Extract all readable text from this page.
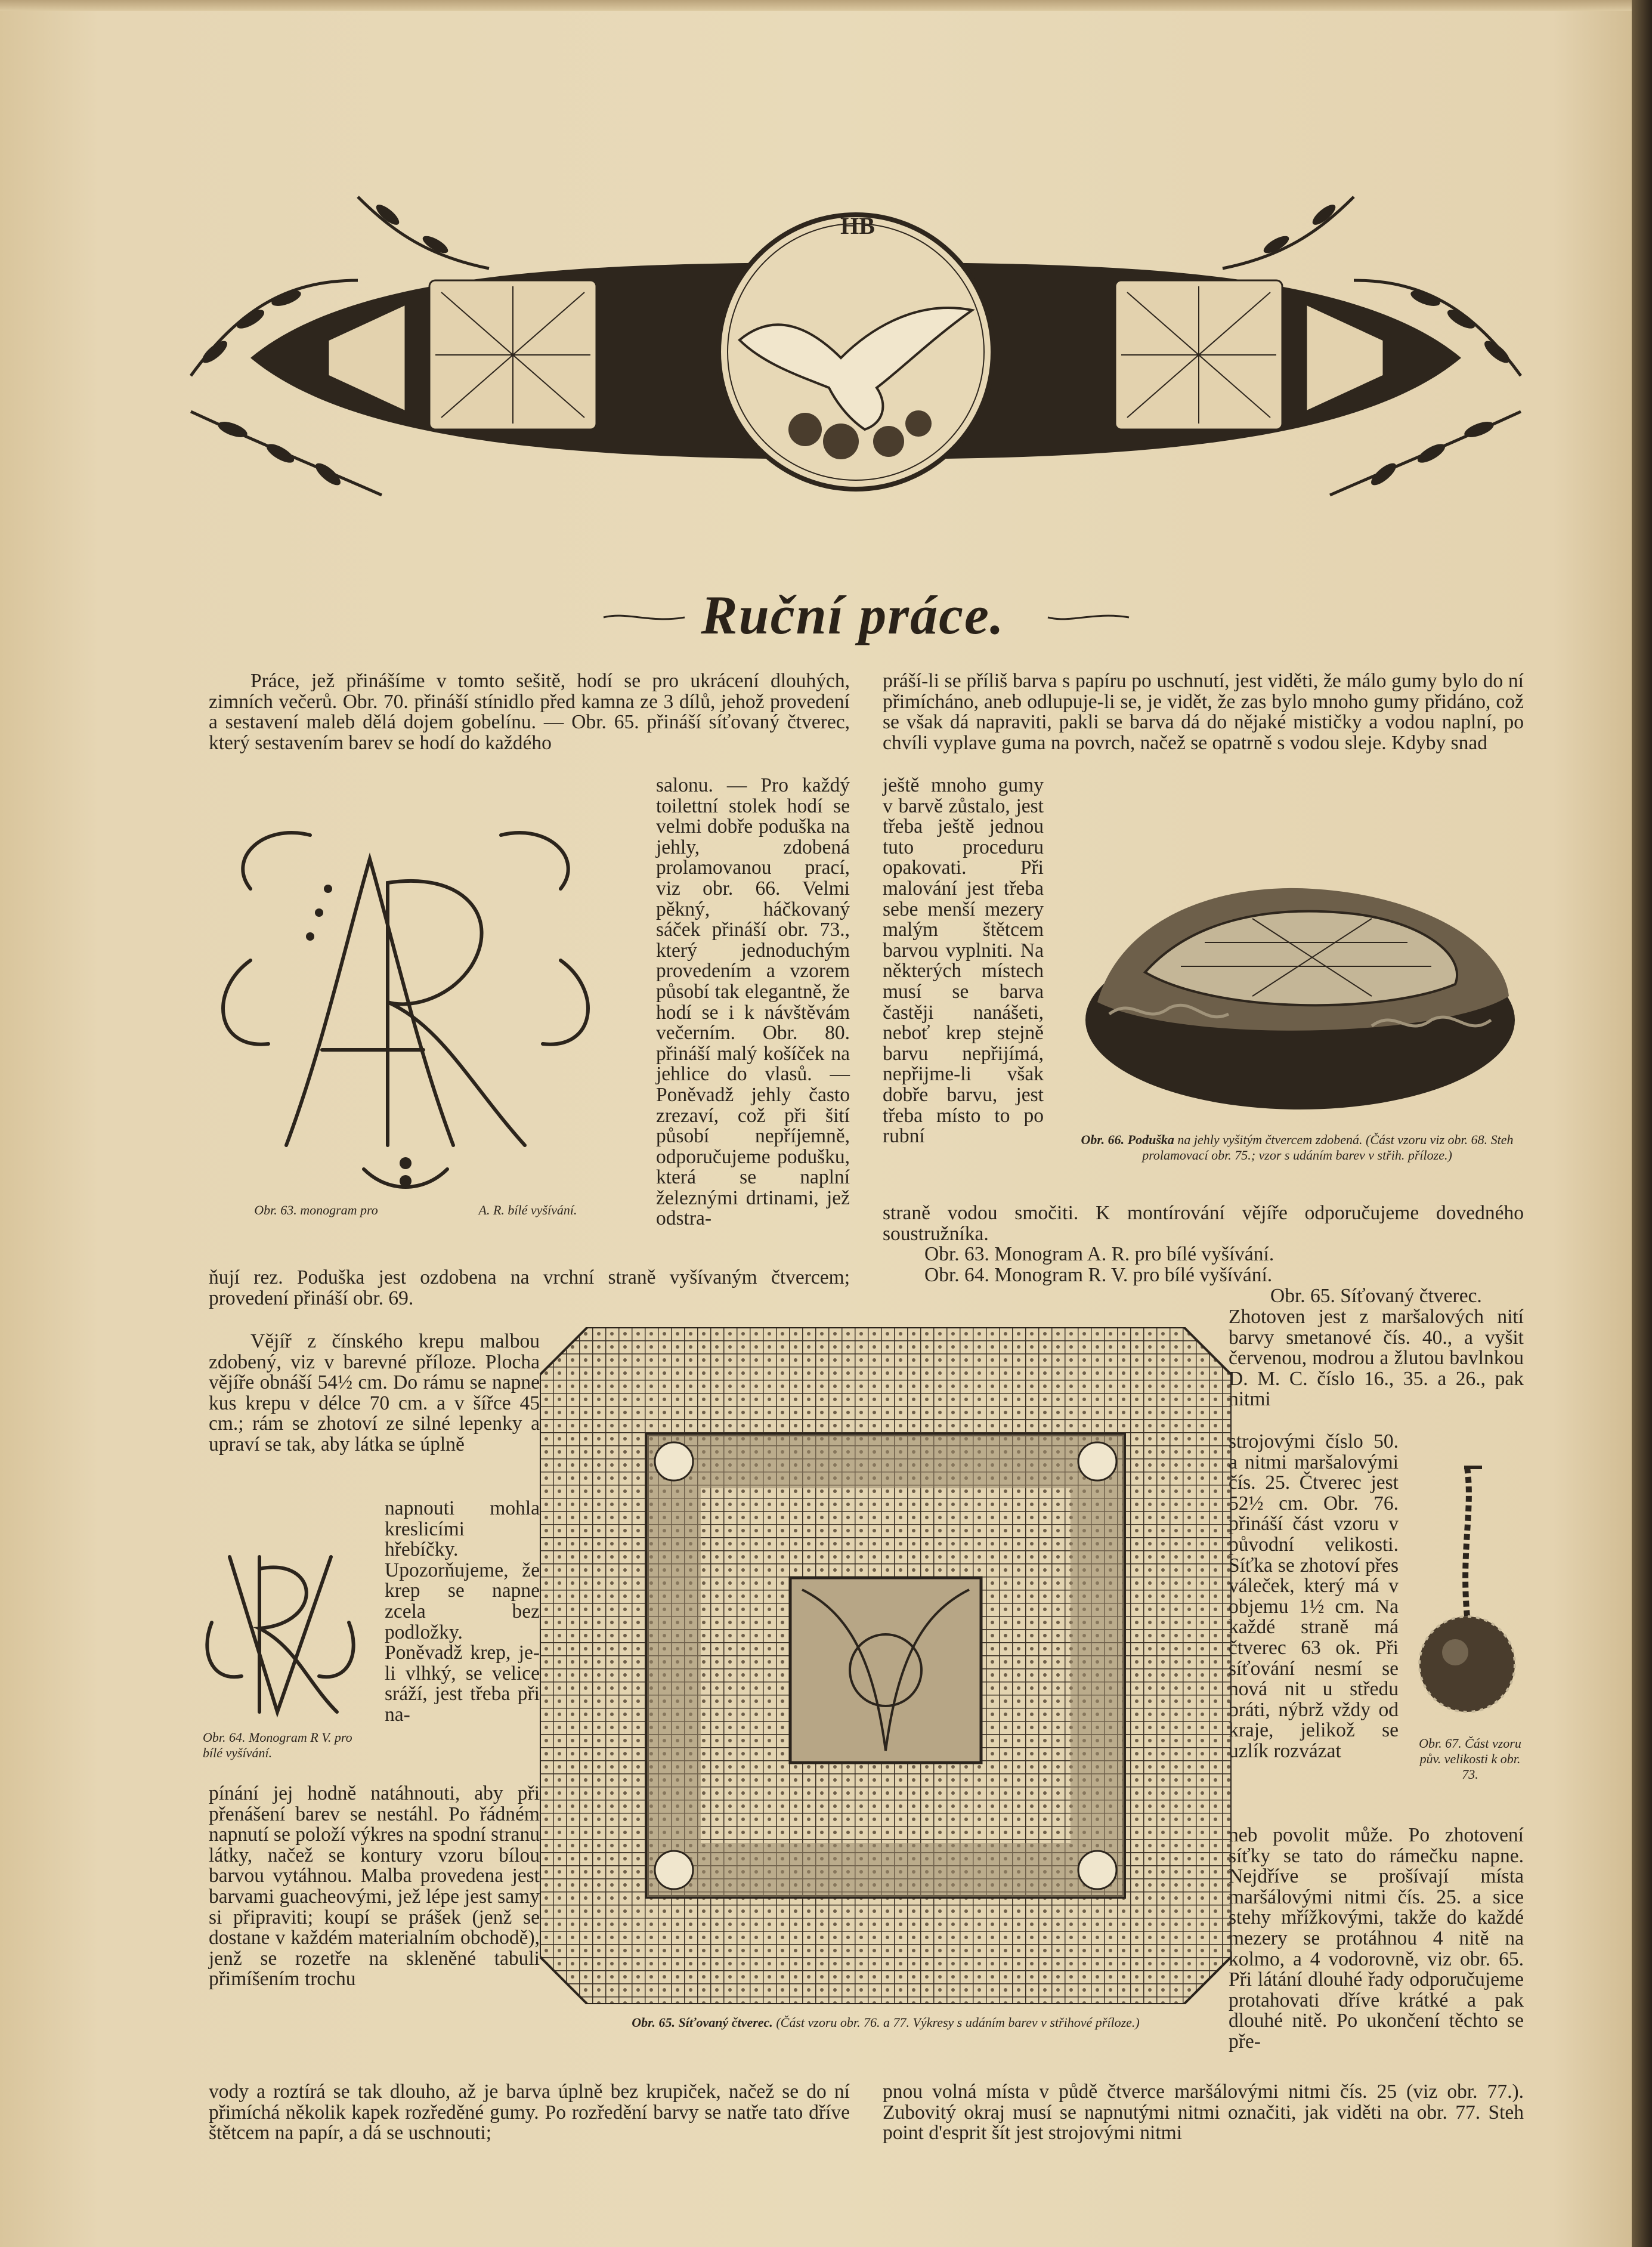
HB
Ruční práce.

Práce, jež přinášíme v tomto sešitě, hodí se pro ukrácení dlouhých, zimních večerů. Obr. 70. přináší stínidlo před kamna ze 3 dílů, jehož provedení a sestavení maleb dělá dojem gobelínu. — Obr. 65. přináší síťovaný čtverec, který sestavením barev se hodí do každého

salonu. — Pro každý toilettní stolek hodí se velmi dobře poduška na jehly, zdobená prolamovanou prací, viz obr. 66. Velmi pěkný, háčkovaný sáček přináší obr. 73., který jednoduchým provedením a vzorem působí tak elegantně, že hodí se i k návštěvám večerním. Obr. 80. přináší malý košíček na jehlice do vlasů. — Poněvadž jehly často zrezaví, což při šití působí nepříjemně, odporučujeme podušku, která se naplní železnými drtinami, jež odstra-

ňují rez. Poduška jest ozdobena na vrchní straně vyšívaným čtvercem; provedení přináší obr. 69.

Vějíř z čínského krepu malbou zdobený, viz v barevné příloze. Plocha vějíře obnáší 54½ cm. Do rámu se napne kus krepu v délce 70 cm. a v šířce 45 cm.; rám se zhotoví ze silné lepenky a upraví se tak, aby látka se úplně

napnouti mohla kreslicími hřebíčky. Upozorňujeme, že krep se napne zcela bez podložky. Poněvadž krep, je-li vlhký, se velice sráží, jest třeba při na-

pínání jej hodně natáhnouti, aby při přenášení barev se nestáhl. Po řádném napnutí se položí výkres na spodní stranu látky, načež se kontury vzoru bílou barvou vytáhnou. Malba provedena jest barvami guacheovými, jež lépe jest samy si připraviti; koupí se prášek (jenž se dostane v každém materialním obchodě), jenž se rozetře na skleněné tabuli přimíšením trochu

vody a roztírá se tak dlouho, až je barva úplně bez krupiček, načež se do ní přimíchá několik kapek rozředěné gumy. Po rozředění barvy se natře tato dříve štětcem na papír, a dá se uschnouti;

Obr. 63. monogram pro	A. R. bílé vyšívání.
Obr. 64. Monogram R V. pro bílé vyšívání.
Obr. 65. Síťovaný čtverec. (Část vzoru obr. 76. a 77. Výkresy s udáním barev v střihové příloze.)

práší-li se příliš barva s papíru po uschnutí, jest viděti, že málo gumy bylo do ní přimícháno, aneb odlupuje-li se, je vidět, že zas bylo mnoho gumy přidáno, což se však dá napraviti, pakli se barva dá do nějaké mističky a vodou naplní, po chvíli vyplave guma na povrch, načež se opatrně s vodou sleje. Kdyby snad

ještě mnoho gumy v barvě zůstalo, jest třeba ještě jednou tuto proceduru opakovati. Při malování jest třeba sebe menší mezery malým štětcem barvou vyplniti. Na některých místech musí se barva častěji nanášeti, neboť krep stejně barvu nepřijímá, nepřijme-li však dobře barvu, jest třeba místo to po rubní	Obr. 66. Poduška na jehly vyšitým čtvercem zdobená. (Část vzoru viz obr. 68. Steh prolamovací obr. 75.; vzor s udáním barev v střih. příloze.)

straně vodou smočiti. K montírování vějíře odporučujeme dovedného soustružníka.

Obr. 63. Monogram A. R. pro bílé vyšívání.

Obr. 64. Monogram R. V. pro bílé vyšívání.

Obr. 65. Síťovaný čtverec.

Zhotoven jest z maršalových nití barvy smetanové čís. 40., a vyšit červenou, modrou a žlutou bavlnkou D. M. C. číslo 16., 35. a 26., pak nitmi

strojovými číslo 50. a nitmi maršalovými čís. 25. Čtverec jest 52½ cm. Obr. 76. přináší část vzoru v původní velikosti. Síťka se zhotoví přes váleček, který má v objemu 1½ cm. Na každé straně má čtverec 63 ok. Při síťování nesmí se nová nit u středu bráti, nýbrž vždy od kraje, jelikož se uzlík rozvázat	Obr. 67. Část vzoru pův. velikosti k obr. 73.

neb povolit může. Po zhotovení síťky se tato do rámečku napne. Nejdříve se prošívají místa maršálovými nitmi čís. 25. a sice stehy mřížkovými, takže do každé mezery se protáhnou 4 nitě na kolmo, a 4 vodorovně, viz obr. 65. Při látání dlouhé řady odporučujeme protahovati dříve krátké a pak dlouhé nitě. Po ukončení těchto se pře-

pnou volná místa v půdě čtverce maršálovými nitmi čís. 25 (viz obr. 77.). Zubovitý okraj musí se napnutými nitmi označiti, jak viděti na obr. 77. Steh point d'esprit šít jest strojovými nitmi
